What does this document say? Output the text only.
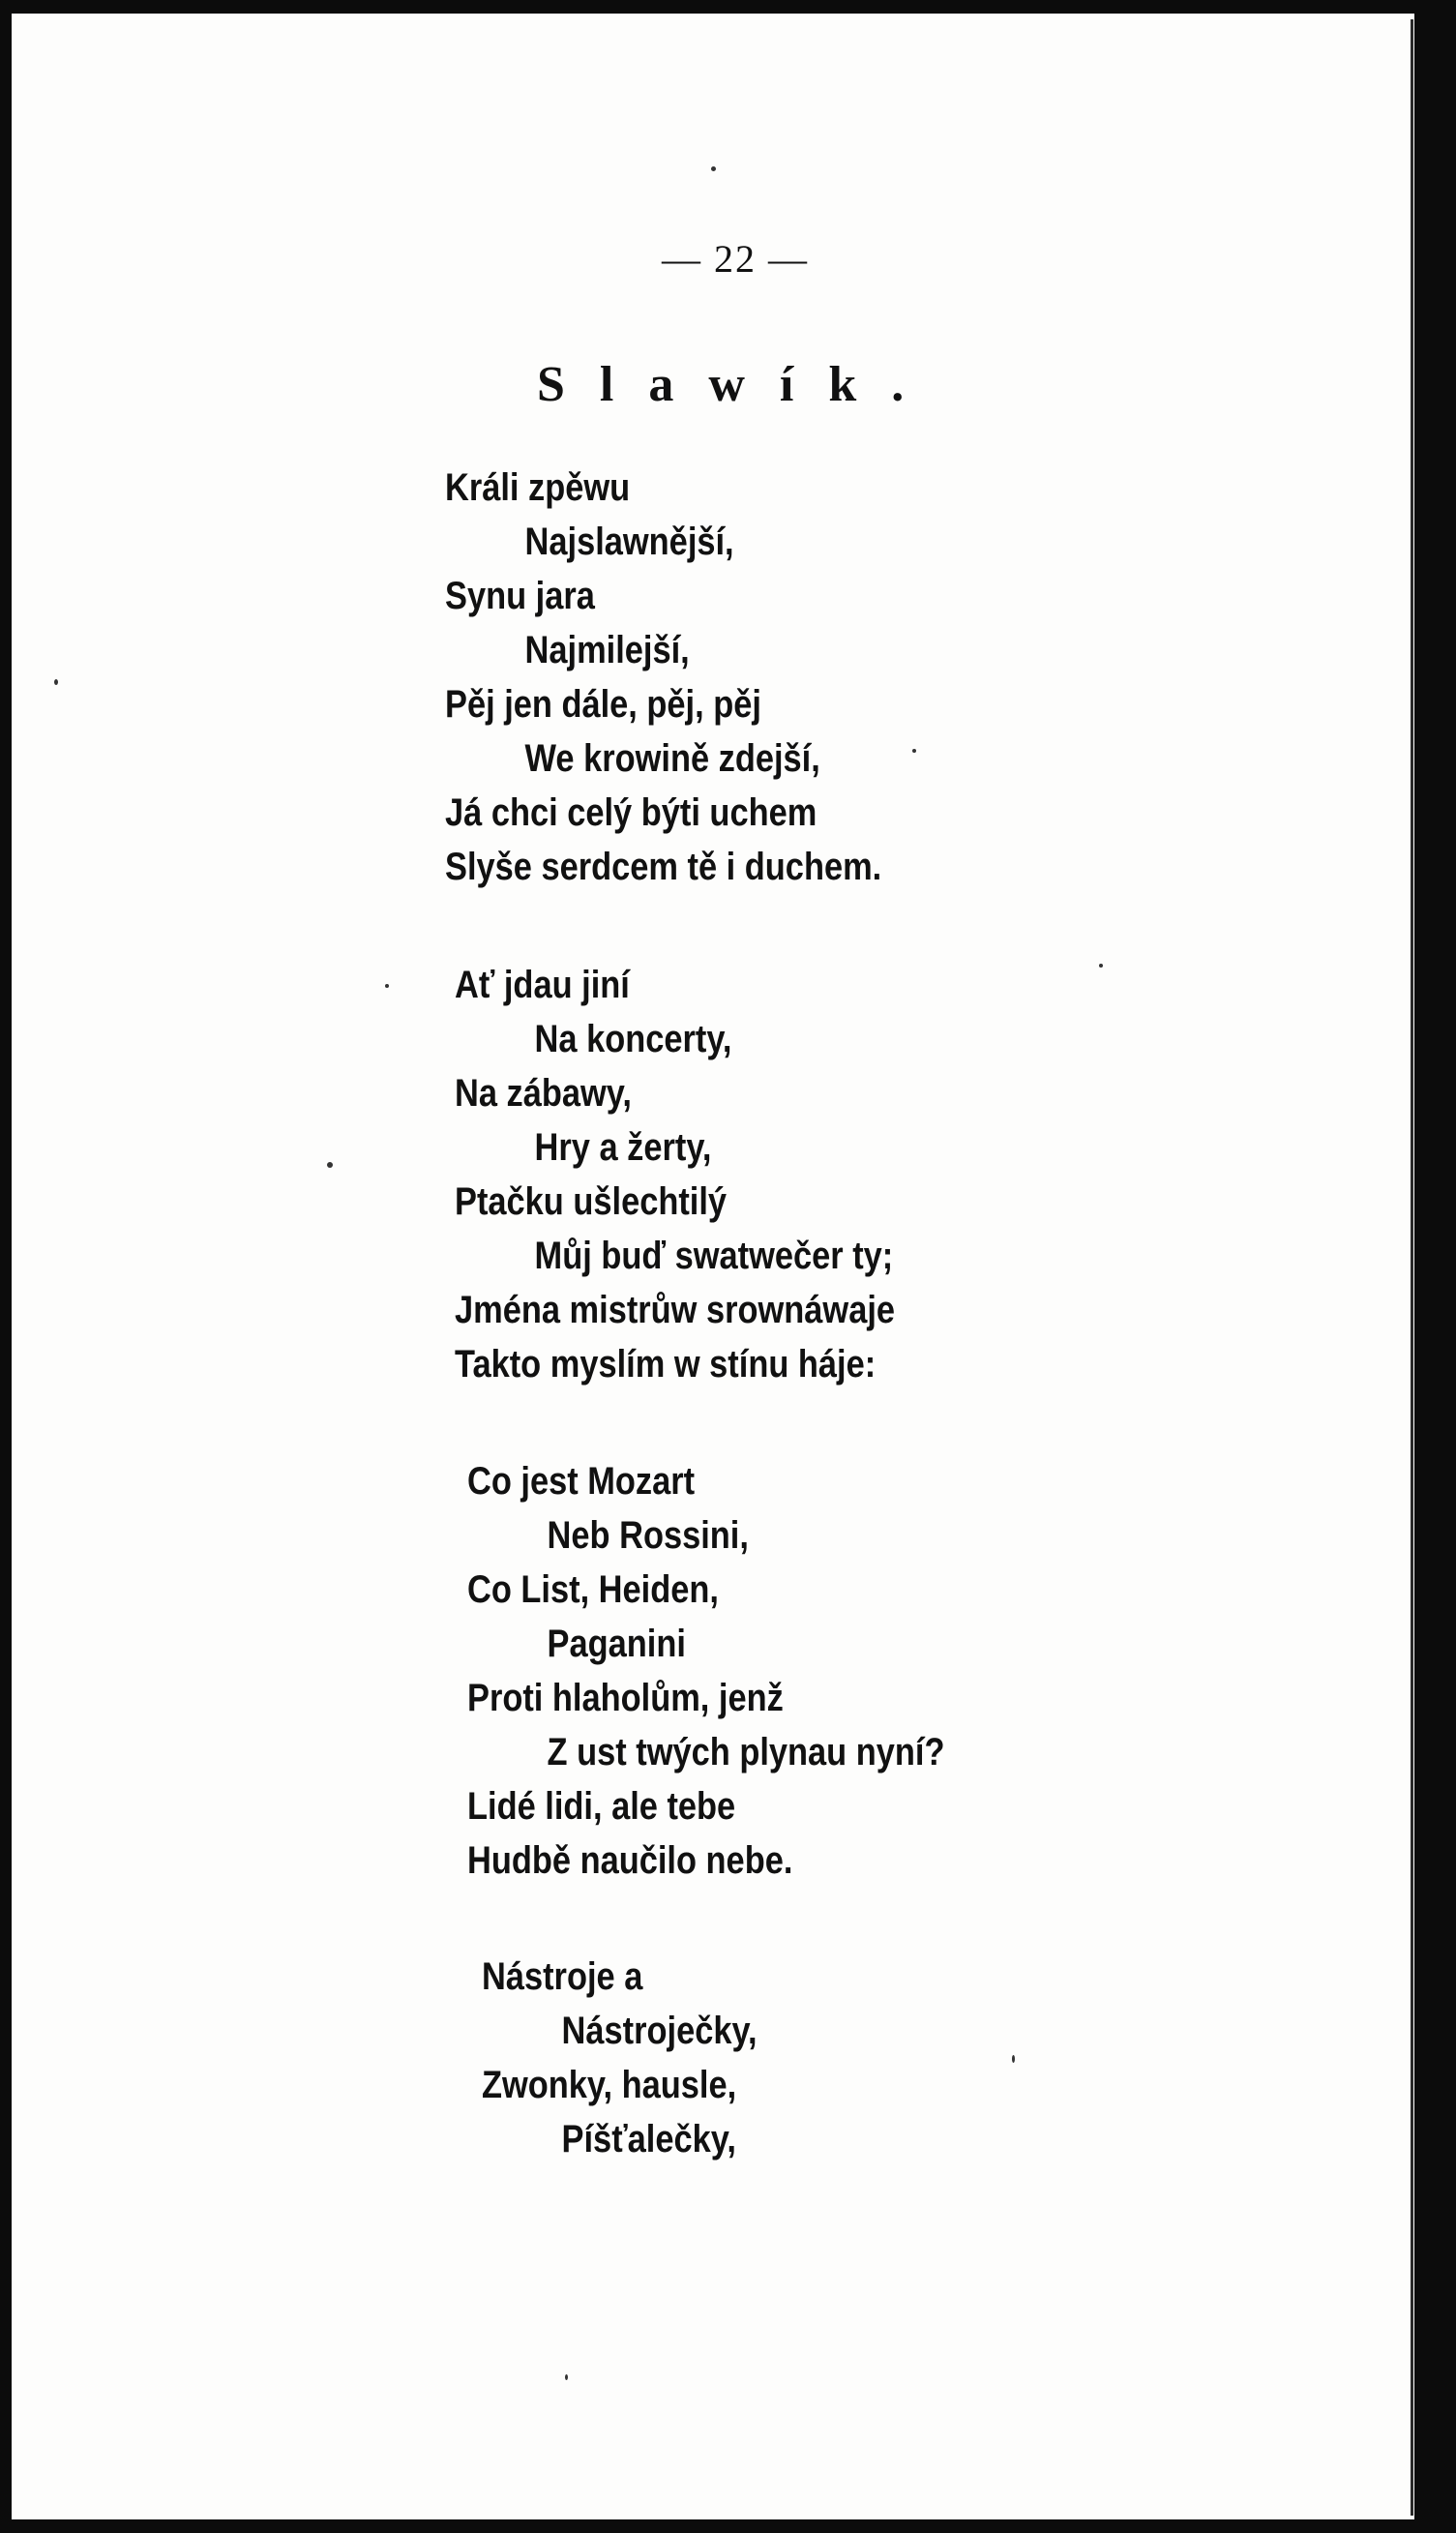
— 22 —
Slawík.
Králi zpěwu
Najslawnější,
Synu jara
Najmilejší,
Pěj jen dále, pěj, pěj
We krowině zdejší,
Já chci celý býti uchem
Slyše serdcem tě i duchem.
Ať jdau jiní
Na koncerty,
Na zábawy,
Hry a žerty,
Ptačku ušlechtilý
Můj buď swatwečer ty;
Jména mistrůw srownáwaje
Takto myslím w stínu háje:
Co jest Mozart
Neb Rossini,
Co List, Heiden,
Paganini
Proti hlaholům, jenž
Z ust twých plynau nyní?
Lidé lidi, ale tebe
Hudbě naučilo nebe.
Nástroje a
Nástroječky,
Zwonky, hausle,
Píšťalečky,
